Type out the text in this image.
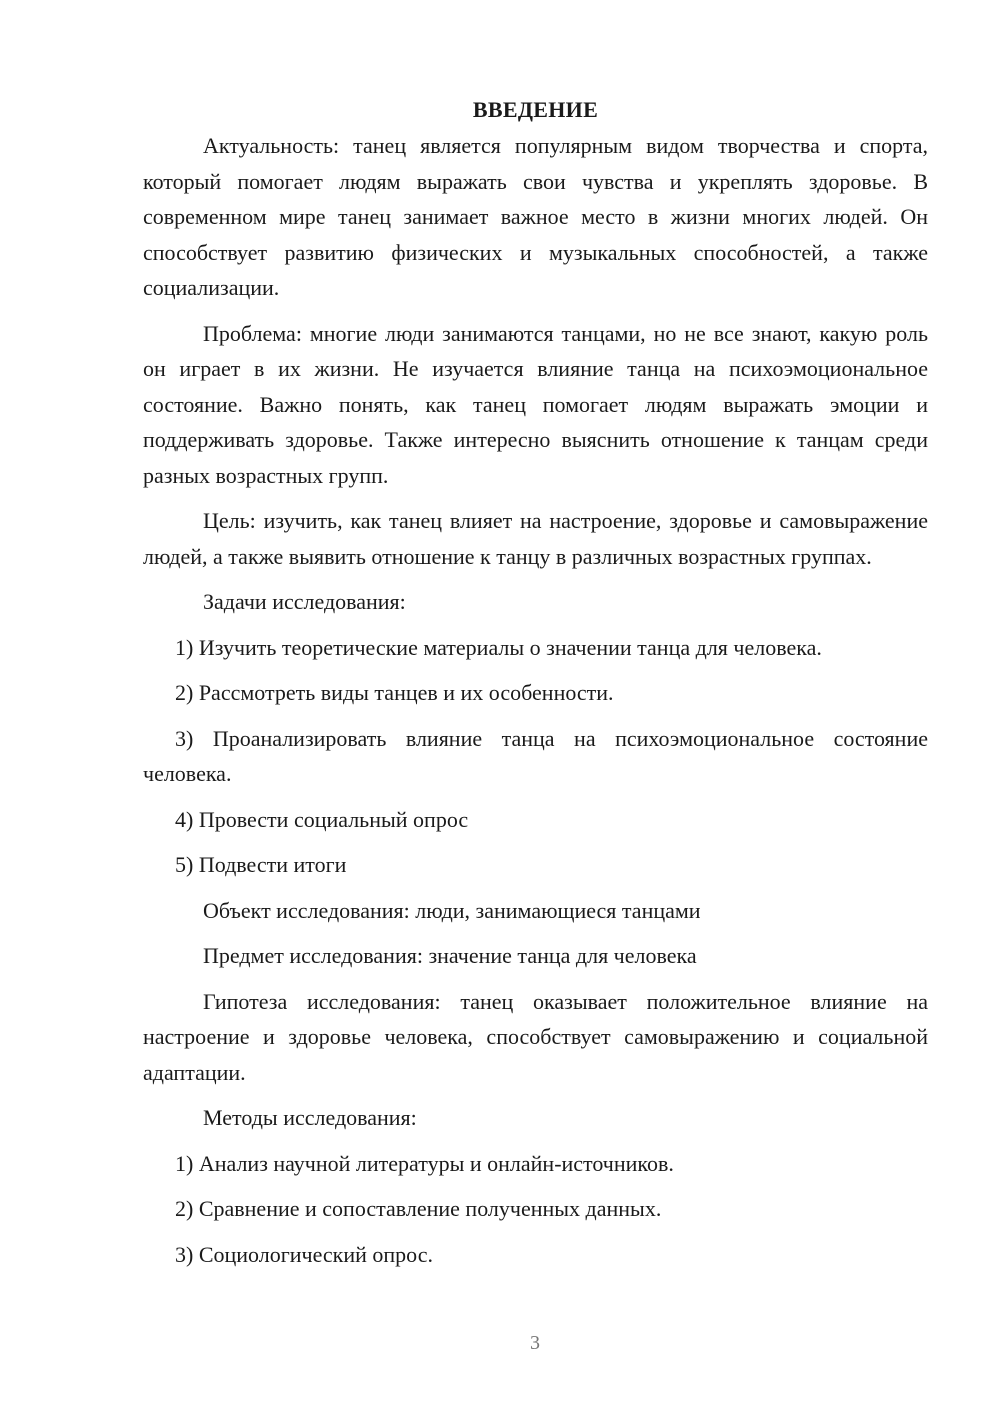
ВВЕДЕНИЕ

Актуальность: танец является популярным видом творчества и спорта, который помогает людям выражать свои чувства и укреплять здоровье. В современном мире танец занимает важное место в жизни многих людей. Он способствует развитию физических и музыкальных способностей, а также социализации.

Проблема: многие люди занимаются танцами, но не все знают, какую роль он играет в их жизни. Не изучается влияние танца на психоэмоциональное состояние. Важно понять, как танец помогает людям выражать эмоции и поддерживать здоровье. Также интересно выяснить отношение к танцам среди разных возрастных групп.

Цель: изучить, как танец влияет на настроение, здоровье и самовыражение людей, а также выявить отношение к танцу в различных возрастных группах.

Задачи исследования:
1) Изучить теоретические материалы о значении танца для человека.
2) Рассмотреть виды танцев и их особенности.

3) Проанализировать влияние танца на психоэмоциональное состояние человека.

4) Провести социальный опрос
5) Подвести итоги
Объект исследования: люди, занимающиеся танцами
Предмет исследования: значение танца для человека

Гипотеза исследования: танец оказывает положительное влияние на настроение и здоровье человека, способствует самовыражению и социальной адаптации.

Методы исследования:
1) Анализ научной литературы и онлайн-источников.
2) Сравнение и сопоставление полученных данных.
3) Социологический опрос.
3
